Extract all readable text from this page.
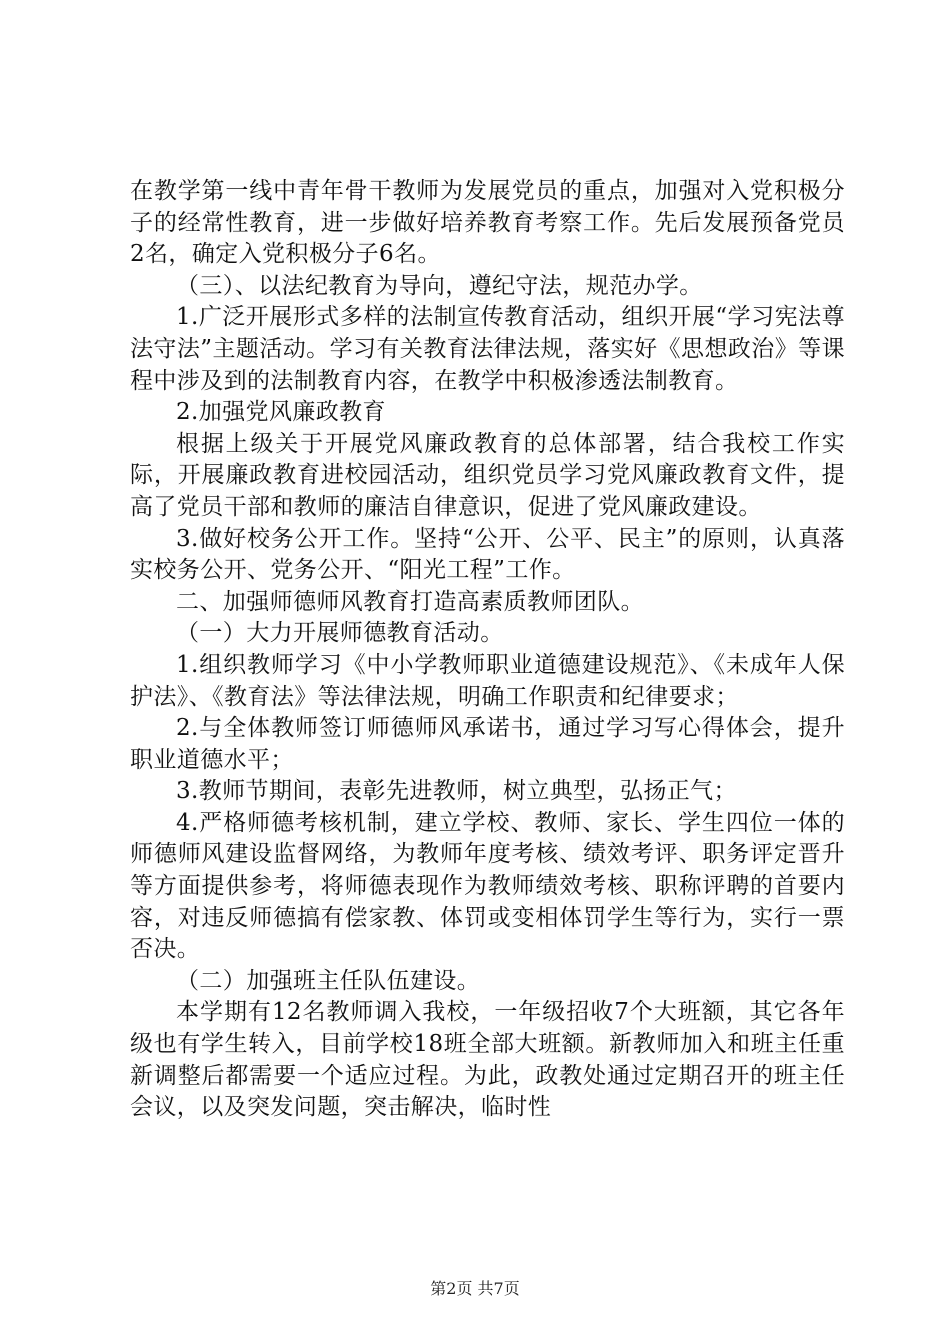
在教学第一线中青年骨干教师为发展党员的重点，加强对入党积极分子的经常性教育，进一步做好培养教育考察工作。先后发展预备党员2名，确定入党积极分子6名。

（三）、以法纪教育为导向，遵纪守法，规范办学。

1.广泛开展形式多样的法制宣传教育活动，组织开展“学习宪法尊法守法”主题活动。学习有关教育法律法规，落实好《思想政治》等课程中涉及到的法制教育内容，在教学中积极渗透法制教育。

2.加强党风廉政教育

根据上级关于开展党风廉政教育的总体部署，结合我校工作实际，开展廉政教育进校园活动，组织党员学习党风廉政教育文件，提高了党员干部和教师的廉洁自律意识，促进了党风廉政建设。

3.做好校务公开工作。坚持“公开、公平、民主”的原则，认真落实校务公开、党务公开、“阳光工程”工作。

二、加强师德师风教育打造高素质教师团队。

（一）大力开展师德教育活动。

1.组织教师学习《中小学教师职业道德建设规范》、《未成年人保护法》、《教育法》等法律法规，明确工作职责和纪律要求；

2.与全体教师签订师德师风承诺书，通过学习写心得体会，提升职业道德水平；

3.教师节期间，表彰先进教师，树立典型，弘扬正气；

4.严格师德考核机制，建立学校、教师、家长、学生四位一体的师德师风建设监督网络，为教师年度考核、绩效考评、职务评定晋升等方面提供参考，将师德表现作为教师绩效考核、职称评聘的首要内容，对违反师德搞有偿家教、体罚或变相体罚学生等行为，实行一票否决。

（二）加强班主任队伍建设。

本学期有12名教师调入我校，一年级招收7个大班额，其它各年级也有学生转入，目前学校18班全部大班额。新教师加入和班主任重新调整后都需要一个适应过程。为此，政教处通过定期召开的班主任会议，以及突发问题，突击解决，临时性

第2页 共7页
